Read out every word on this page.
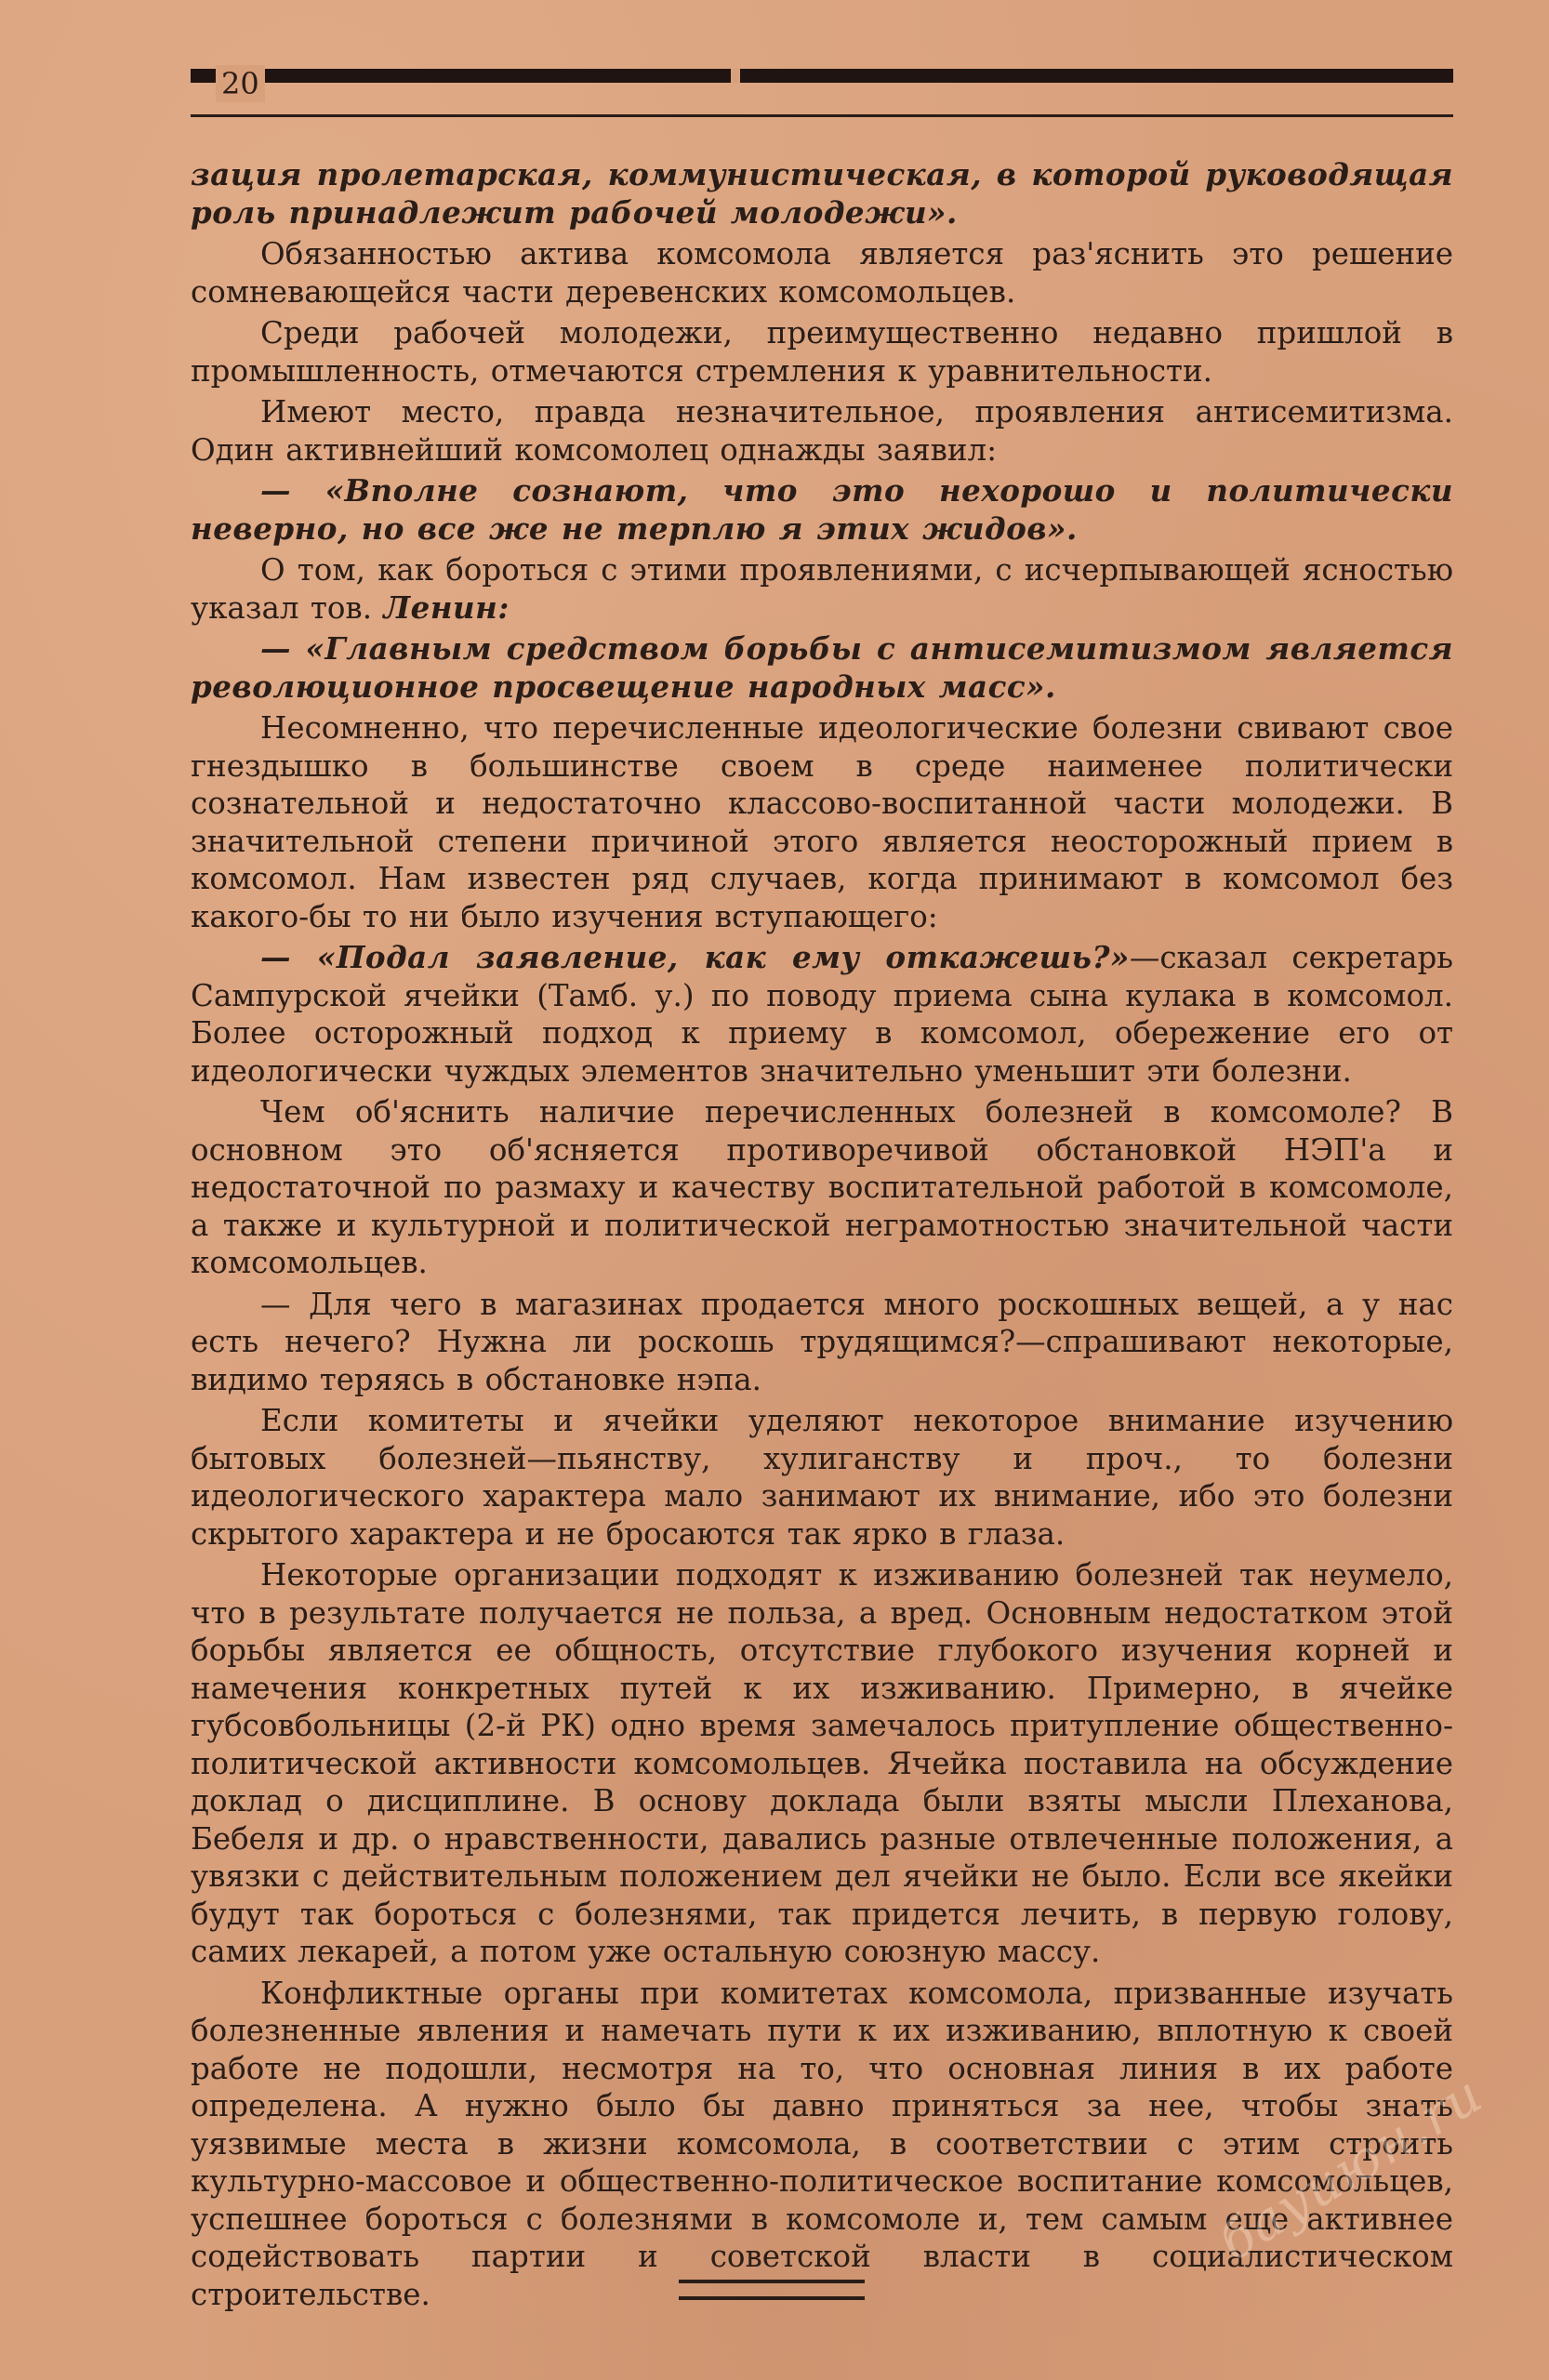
20

зация пролетарская, коммунистическая, в которой руководящая роль принадлежит рабочей молодежи».

Обязанностью актива комсомола является раз'яснить это решение сомневающейся части деревенских комсомольцев.

Среди рабочей молодежи, преимущественно недавно пришлой в промышленность, отмечаются стремления к уравнительности.

Имеют место, правда незначительное, проявления антисемитизма. Один активнейший комсомолец однажды заявил:

— «Вполне сознают, что это нехорошо и политически неверно, но все же не терплю я этих жидов».

О том, как бороться с этими проявлениями, с исчерпывающей ясностью указал тов. Ленин:

— «Главным средством борьбы с антисемитизмом является революционное просвещение народных масс».

Несомненно, что перечисленные идеологические болезни свивают свое гнездышко в большинстве своем в среде наименее политически сознательной и недостаточно классово-воспитанной части молодежи. В значительной степени причиной этого является неосторожный прием в комсомол. Нам известен ряд случаев, когда принимают в комсомол без какого-бы то ни было изучения вступающего:

— «Подал заявление, как ему откажешь?»—сказал секретарь Сампурской ячейки (Тамб. у.) по поводу приема сына кулака в комсомол. Более осторожный подход к приему в комсомол, обережение его от идеологически чуждых элементов значительно уменьшит эти болезни.

Чем об'яснить наличие перечисленных болезней в комсомоле? В основном это об'ясняется противоречивой обстановкой НЭП'а и недостаточной по размаху и качеству воспитательной работой в комсомоле, а также и культурной и политической неграмотностью значительной части комсомольцев.

— Для чего в магазинах продается много роскошных вещей, а у нас есть нечего? Нужна ли роскошь трудящимся?—спрашивают некоторые, видимо теряясь в обстановке нэпа.

Если комитеты и ячейки уделяют некоторое внимание изучению бытовых болезней—пьянству, хулиганству и проч., то болезни идеологического характера мало занимают их внимание, ибо это болезни скрытого характера и не бросаются так ярко в глаза.

Некоторые организации подходят к изживанию болезней так неумело, что в результате получается не польза, а вред. Основным недостатком этой борьбы является ее общность, отсутствие глубокого изучения корней и намечения конкретных путей к их изживанию. Примерно, в ячейке губсовбольницы (2-й РК) одно время замечалось притупление общественно-политической активности комсомольцев. Ячейка поставила на обсуждение доклад о дисциплине. В основу доклада были взяты мысли Плеханова, Бебеля и др. о нравственности, давались разные отвлеченные положения, а увязки с действительным положением дел ячейки не было. Если все якейки будут так бороться с болезнями, так придется лечить, в первую голову, самих лекарей, а потом уже остальную союзную массу.

Конфликтные органы при комитетах комсомола, призванные изучать болезненные явления и намечать пути к их изживанию, вплотную к своей работе не подошли, несмотря на то, что основная линия в их работе определена. А нужно было бы давно приняться за нее, чтобы знать уязвимые места в жизни комсомола, в соответствии с этим строить культурно-массовое и общественно-политическое воспитание комсомольцев, успешнее бороться с болезнями в комсомоле и, тем самым еще активнее содействовать партии и советской власти в социалистическом строительстве.

бауиюн.ru
